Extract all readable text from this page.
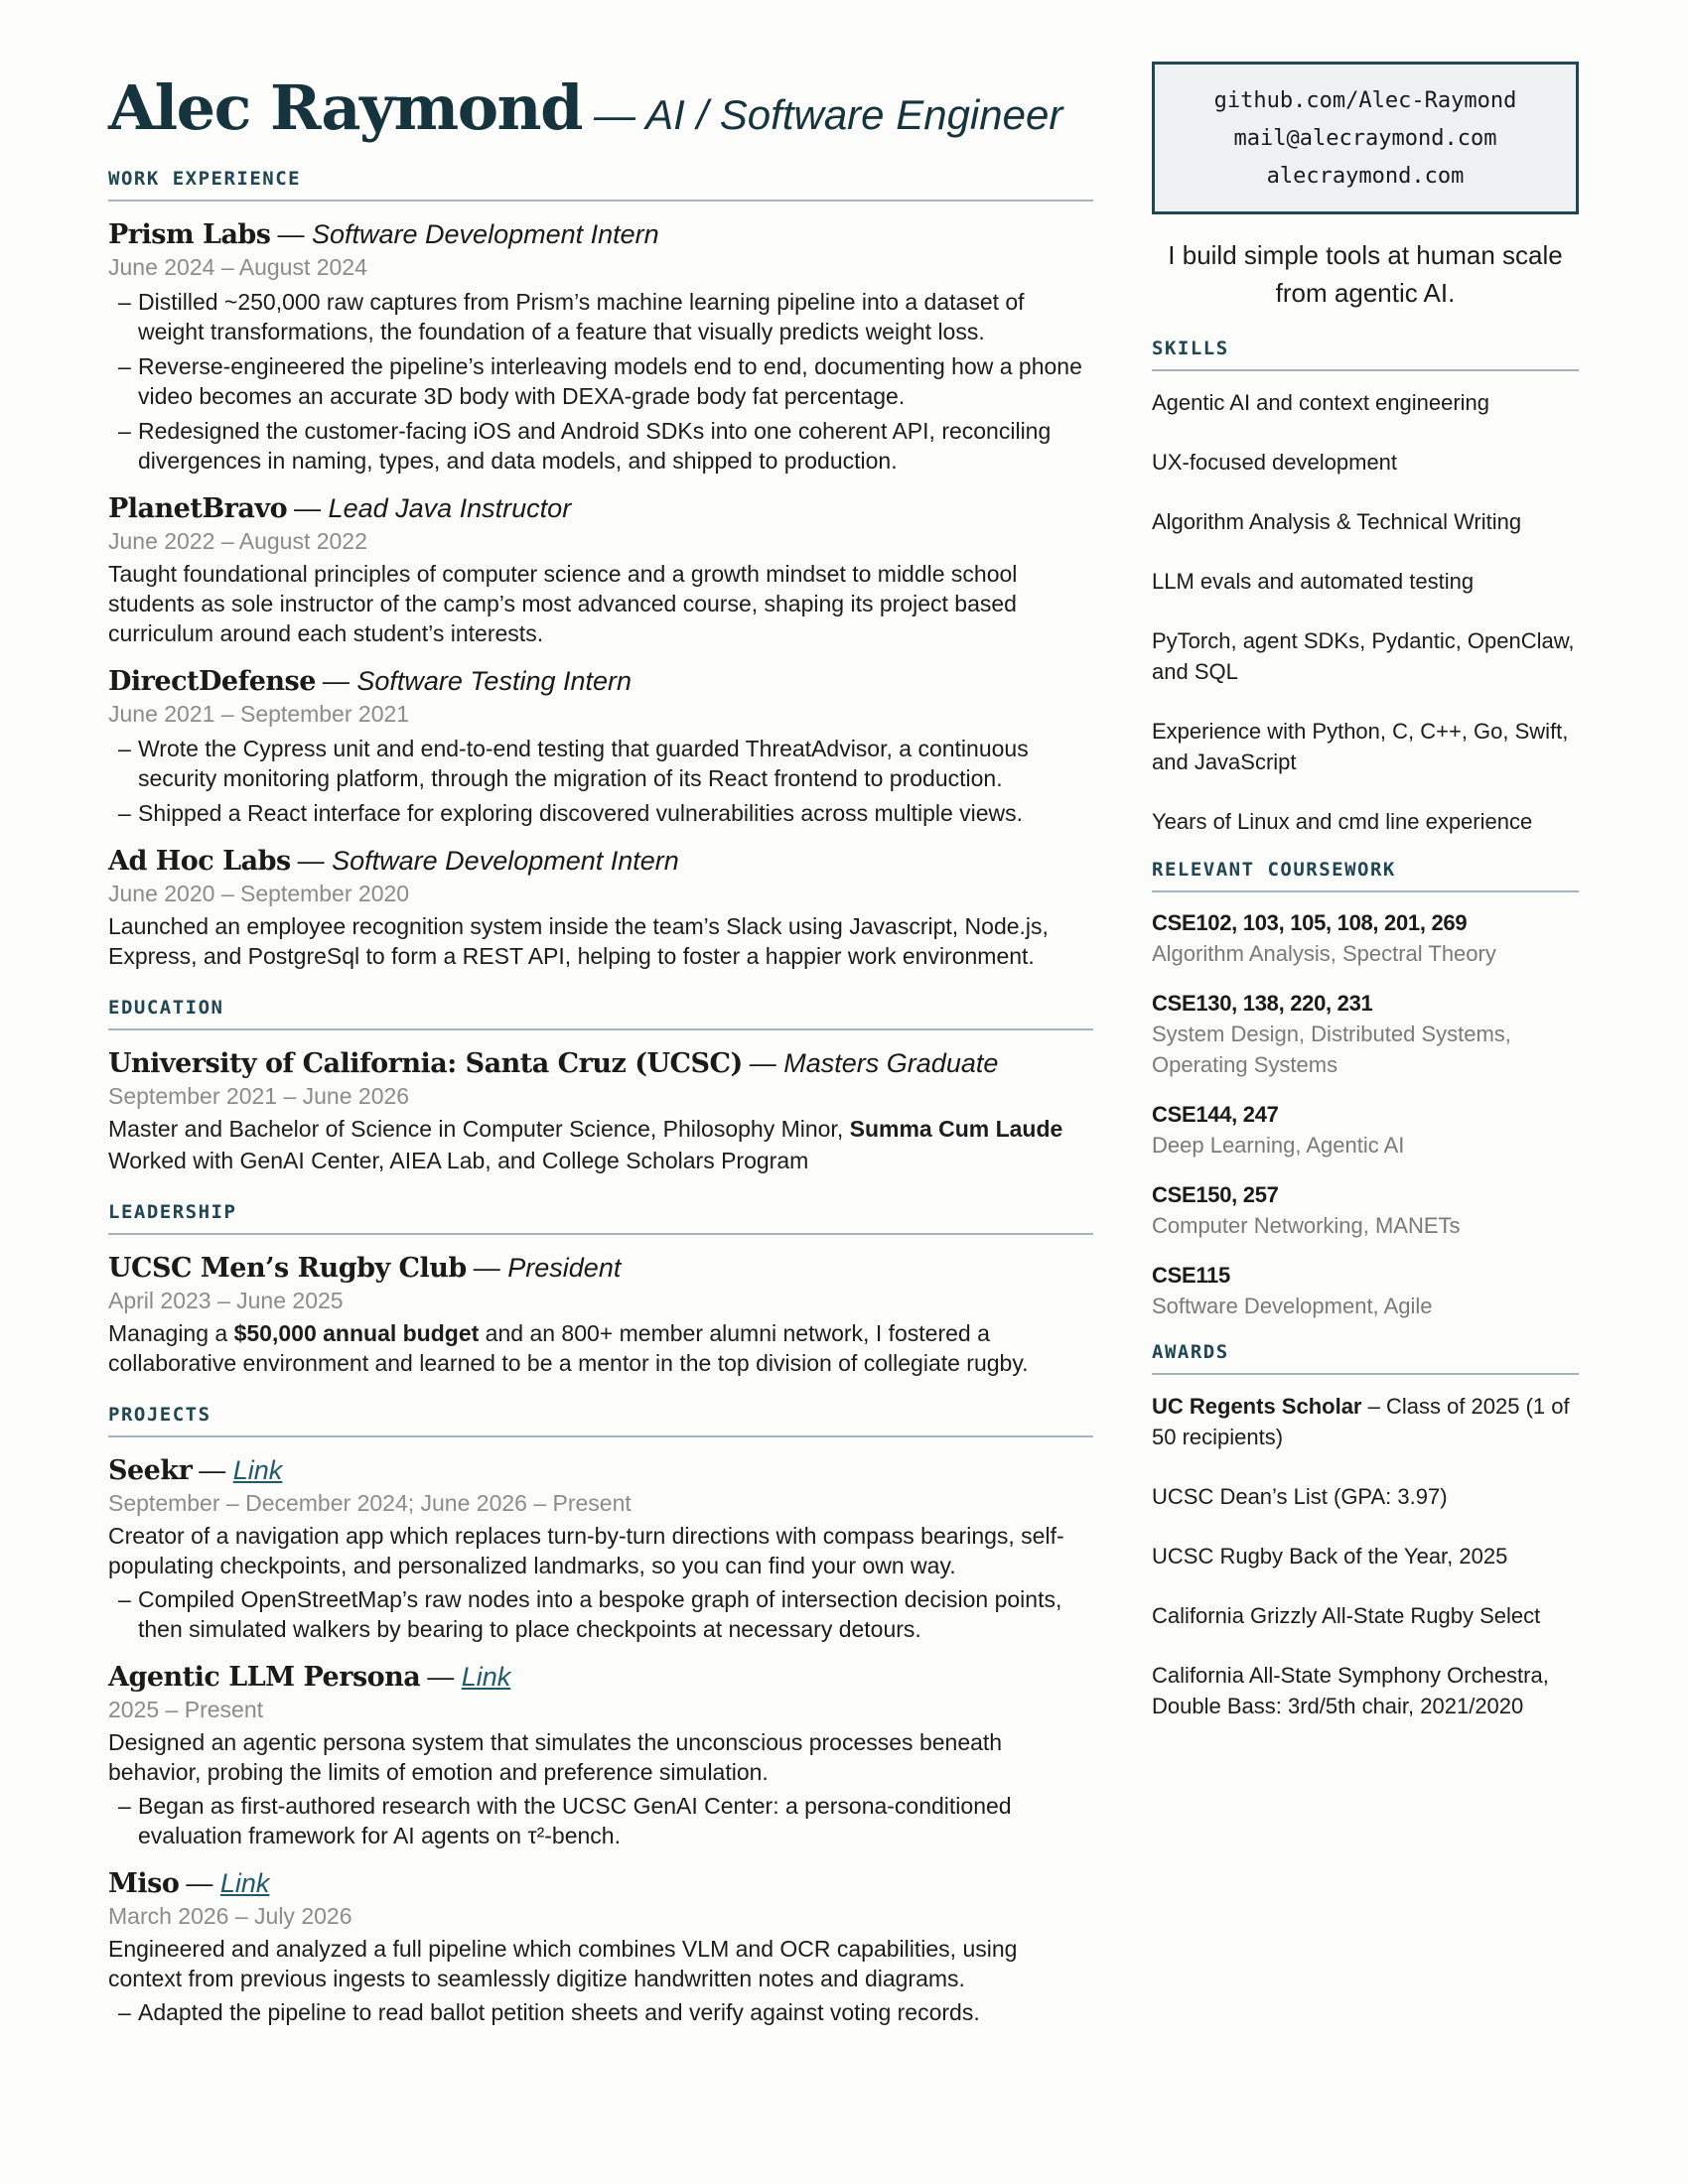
Alec Raymond — AI / Software Engineer
WORK EXPERIENCE
Prism Labs — Software Development Intern
June 2024 – August 2024
– Distilled ~250,000 raw captures from Prism’s machine learning pipeline into a dataset of weight transformations, the foundation of a feature that visually predicts weight loss.
– Reverse-engineered the pipeline’s interleaving models end to end, documenting how a phone video becomes an accurate 3D body with DEXA-grade body fat percentage.
– Redesigned the customer-facing iOS and Android SDKs into one coherent API, reconciling divergences in naming, types, and data models, and shipped to production.
PlanetBravo — Lead Java Instructor
June 2022 – August 2022
Taught foundational principles of computer science and a growth mindset to middle school students as sole instructor of the camp’s most advanced course, shaping its project based curriculum around each student’s interests.
DirectDefense — Software Testing Intern
June 2021 – September 2021
– Wrote the Cypress unit and end-to-end testing that guarded ThreatAdvisor, a continuous security monitoring platform, through the migration of its React frontend to production.
– Shipped a React interface for exploring discovered vulnerabilities across multiple views.
Ad Hoc Labs — Software Development Intern
June 2020 – September 2020
Launched an employee recognition system inside the team’s Slack using Javascript, Node.js, Express, and PostgreSql to form a REST API, helping to foster a happier work environment.
EDUCATION
University of California: Santa Cruz (UCSC) — Masters Graduate
September 2021 – June 2026
Master and Bachelor of Science in Computer Science, Philosophy Minor, Summa Cum Laude
Worked with GenAI Center, AIEA Lab, and College Scholars Program
LEADERSHIP
UCSC Men’s Rugby Club — President
April 2023 – June 2025
Managing a $50,000 annual budget and an 800+ member alumni network, I fostered a collaborative environment and learned to be a mentor in the top division of collegiate rugby.
PROJECTS
Seekr — Link
September – December 2024; June 2026 – Present
Creator of a navigation app which replaces turn-by-turn directions with compass bearings, self-populating checkpoints, and personalized landmarks, so you can find your own way.
– Compiled OpenStreetMap’s raw nodes into a bespoke graph of intersection decision points, then simulated walkers by bearing to place checkpoints at necessary detours.
Agentic LLM Persona — Link
2025 – Present
Designed an agentic persona system that simulates the unconscious processes beneath behavior, probing the limits of emotion and preference simulation.
– Began as first-authored research with the UCSC GenAI Center: a persona-conditioned evaluation framework for AI agents on τ²-bench.
Miso — Link
March 2026 – July 2026
Engineered and analyzed a full pipeline which combines VLM and OCR capabilities, using context from previous ingests to seamlessly digitize handwritten notes and diagrams.
– Adapted the pipeline to read ballot petition sheets and verify against voting records.
github.com/Alec-Raymond
mail@alecraymond.com
alecraymond.com
I build simple tools at human scale from agentic AI.
SKILLS
Agentic AI and context engineering
UX-focused development
Algorithm Analysis & Technical Writing
LLM evals and automated testing
PyTorch, agent SDKs, Pydantic, OpenClaw, and SQL
Experience with Python, C, C++, Go, Swift, and JavaScript
Years of Linux and cmd line experience
RELEVANT COURSEWORK
CSE102, 103, 105, 108, 201, 269
Algorithm Analysis, Spectral Theory
CSE130, 138, 220, 231
System Design, Distributed Systems, Operating Systems
CSE144, 247
Deep Learning, Agentic AI
CSE150, 257
Computer Networking, MANETs
CSE115
Software Development, Agile
AWARDS
UC Regents Scholar – Class of 2025 (1 of 50 recipients)
UCSC Dean’s List (GPA: 3.97)
UCSC Rugby Back of the Year, 2025
California Grizzly All-State Rugby Select
California All-State Symphony Orchestra, Double Bass: 3rd/5th chair, 2021/2020
